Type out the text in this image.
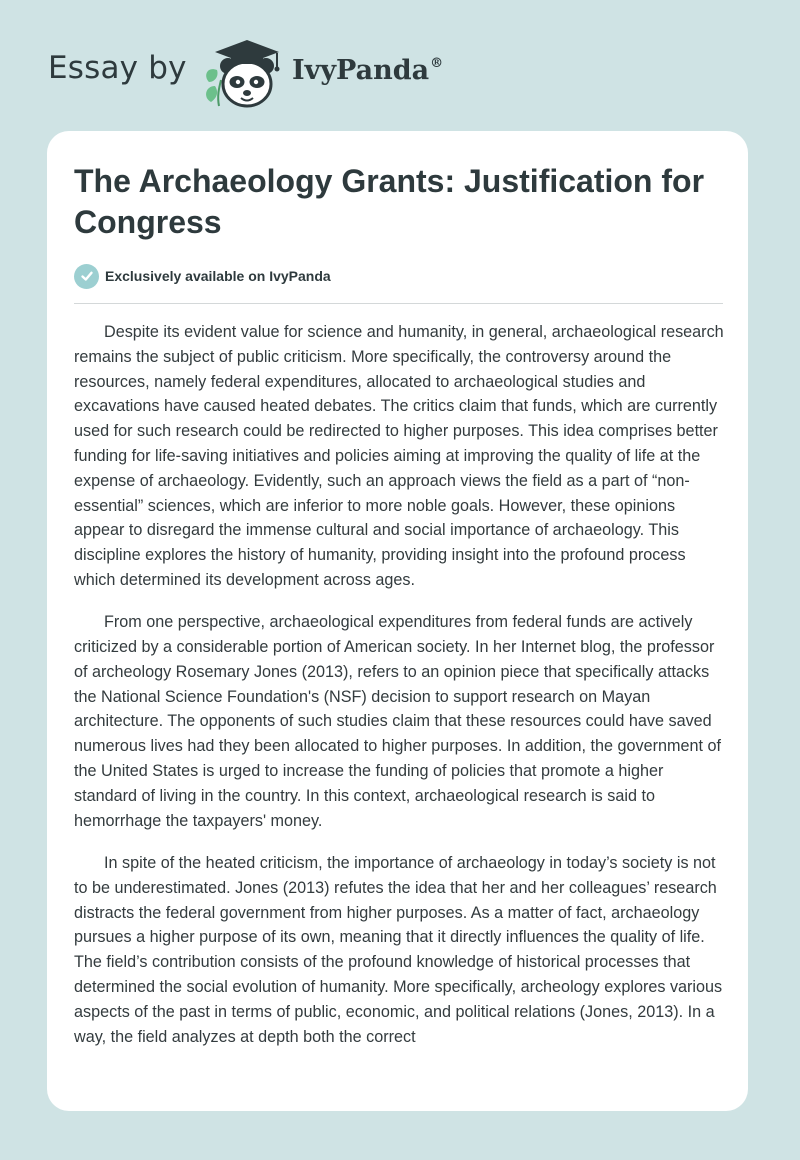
Essay by	IvyPanda®
The Archaeology Grants: Justification for Congress
Exclusively available on IvyPanda

Despite its evident value for science and humanity, in general, archaeological research remains the subject of public criticism. More specifically, the controversy around the resources, namely federal expenditures, allocated to archaeological studies and excavations have caused heated debates. The critics claim that funds, which are currently used for such research could be redirected to higher purposes. This idea comprises better funding for life-saving initiatives and policies aiming at improving the quality of life at the expense of archaeology. Evidently, such an approach views the field as a part of “non-essential” sciences, which are inferior to more noble goals. However, these opinions appear to disregard the immense cultural and social importance of archaeology. This discipline explores the history of humanity, providing insight into the profound process which determined its development across ages.

From one perspective, archaeological expenditures from federal funds are actively criticized by a considerable portion of American society. In her Internet blog, the professor of archeology Rosemary Jones (2013), refers to an opinion piece that specifically attacks the National Science Foundation's (NSF) decision to support research on Mayan architecture. The opponents of such studies claim that these resources could have saved numerous lives had they been allocated to higher purposes. In addition, the government of the United States is urged to increase the funding of policies that promote a higher standard of living in the country. In this context, archaeological research is said to hemorrhage the taxpayers' money.

In spite of the heated criticism, the importance of archaeology in today’s society is not to be underestimated. Jones (2013) refutes the idea that her and her colleagues’ research distracts the federal government from higher purposes. As a matter of fact, archaeology pursues a higher purpose of its own, meaning that it directly influences the quality of life. The field’s contribution consists of the profound knowledge of historical processes that determined the social evolution of humanity. More specifically, archeology explores various aspects of the past in terms of public, economic, and political relations (Jones, 2013). In a way, the field analyzes at depth both the correct
